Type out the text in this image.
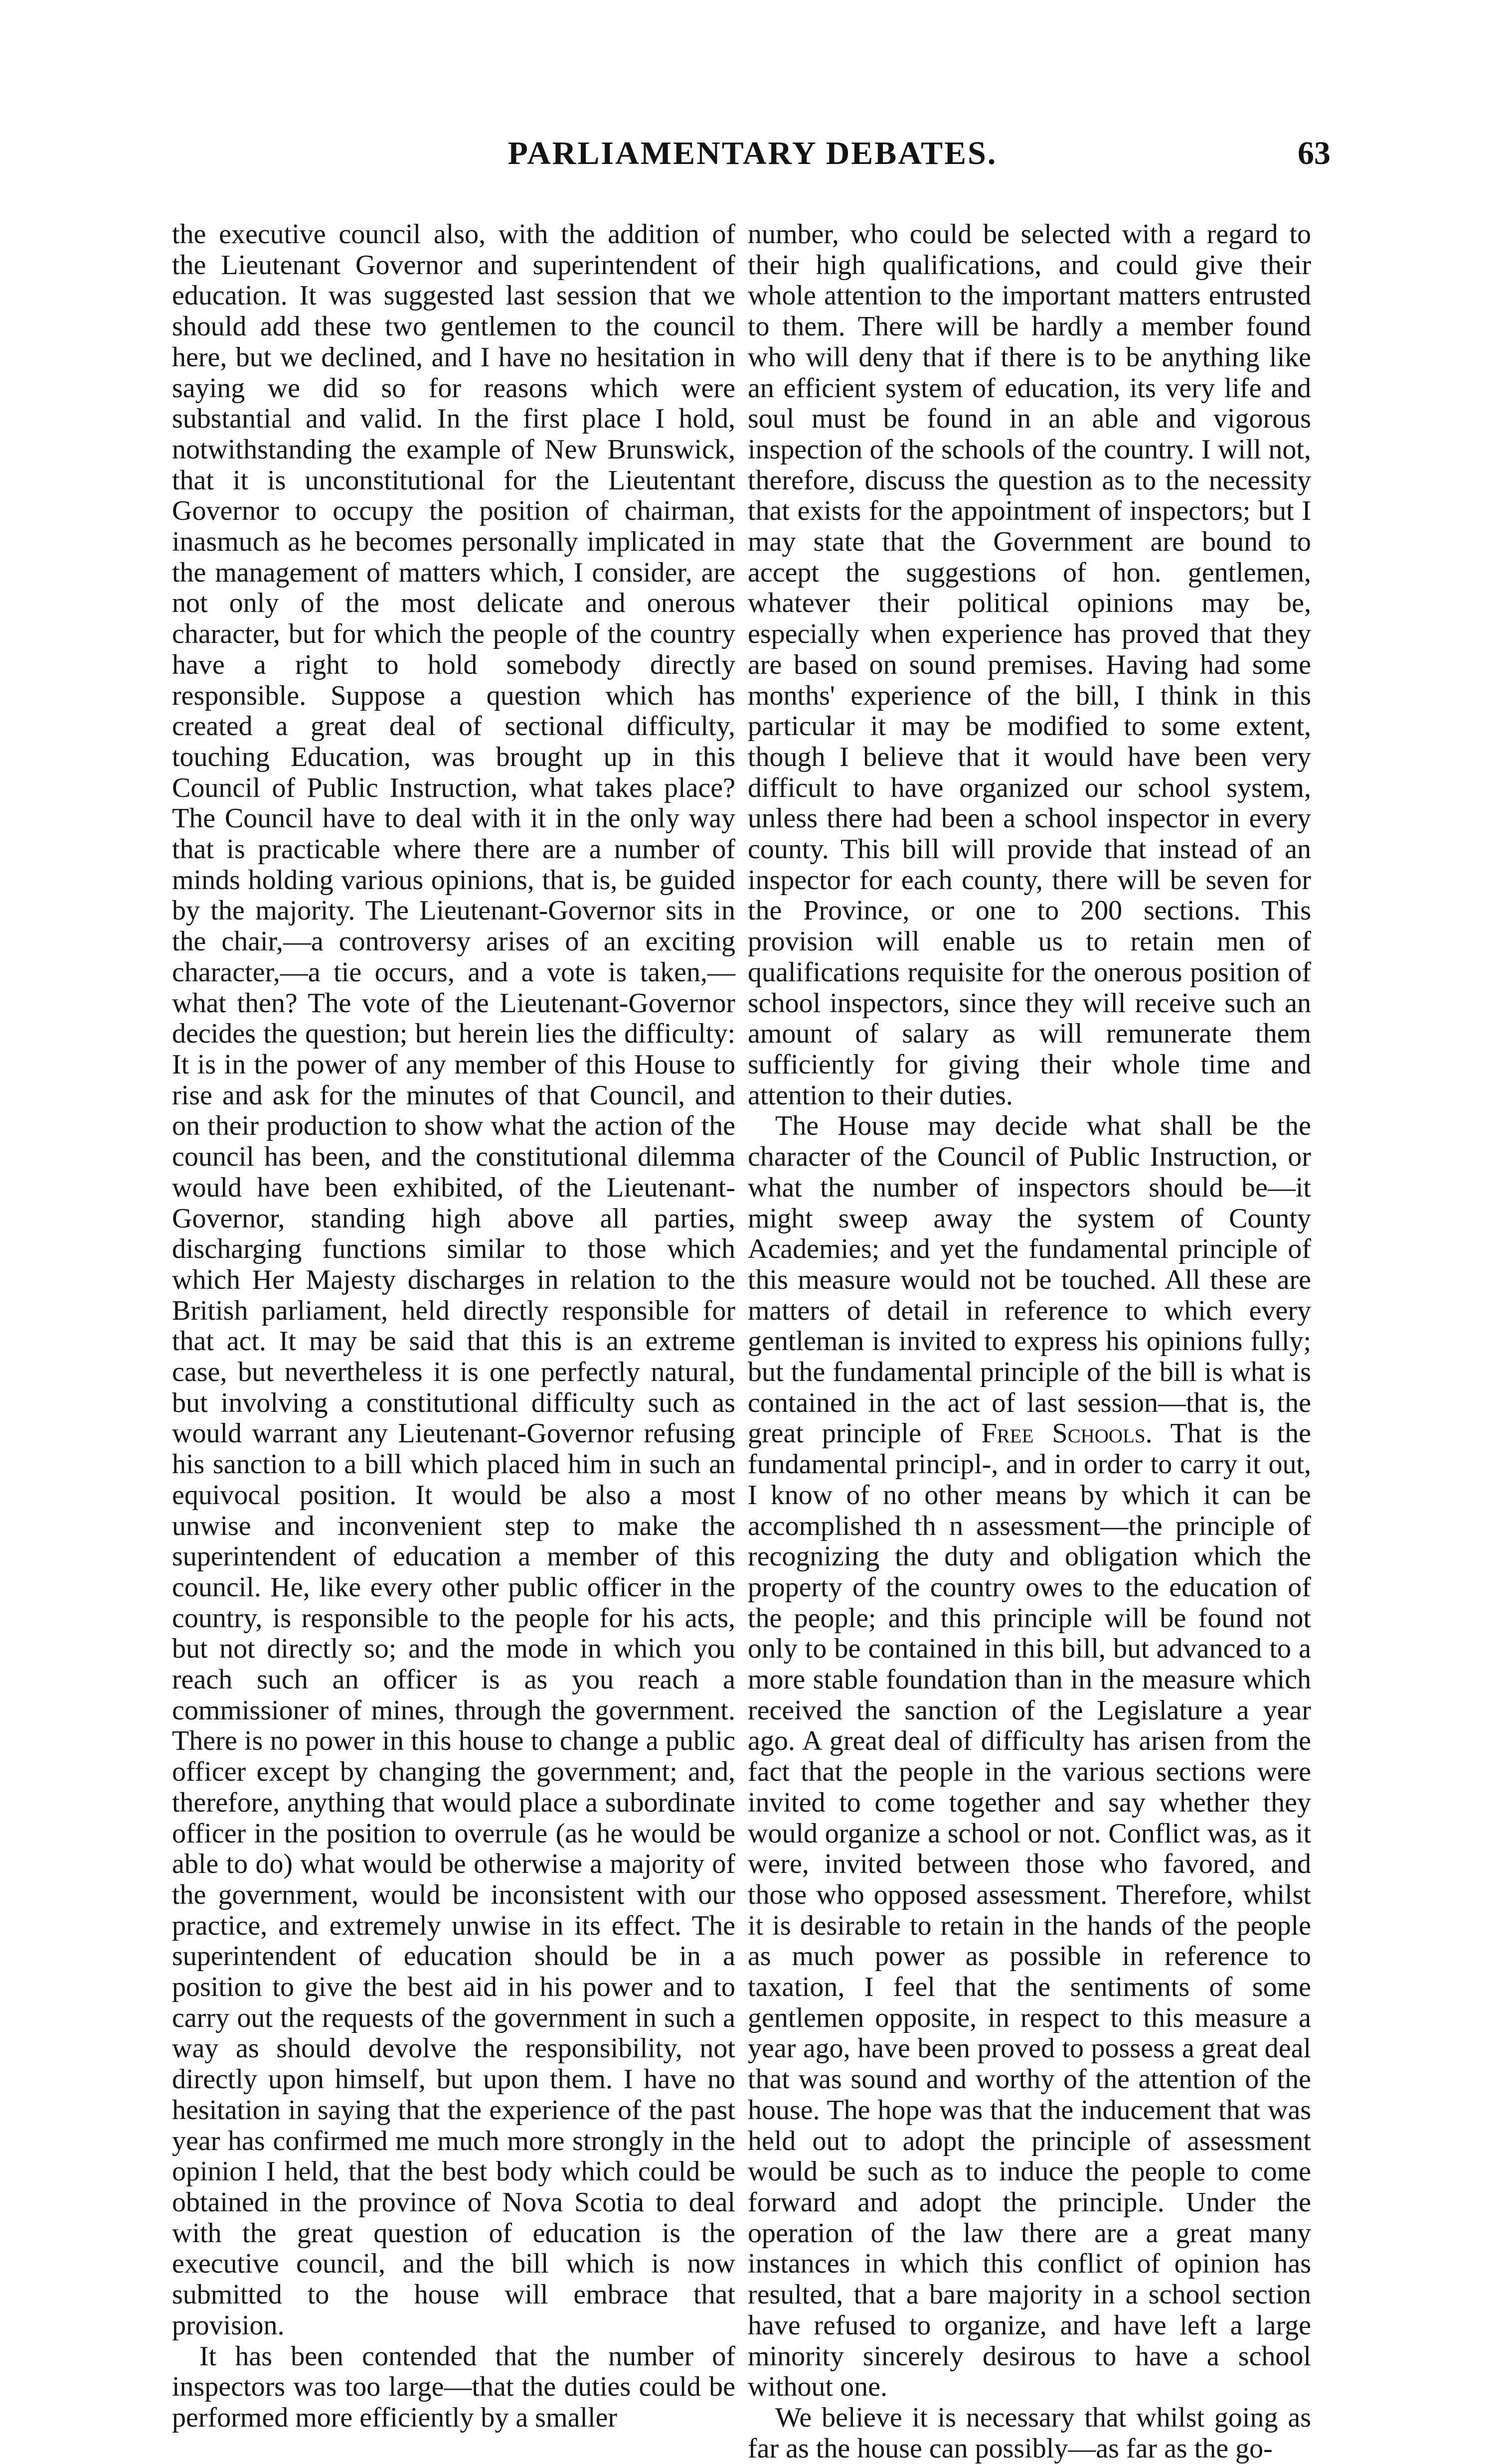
PARLIAMENTARY DEBATES.	63

the executive council also, with the addition of the Lieutenant Governor and superintendent of education. It was suggested last session that we should add these two gentlemen to the council here, but we declined, and I have no hesitation in saying we did so for reasons which were substantial and valid. In the first place I hold, notwithstanding the example of New Brunswick, that it is unconstitutional for the Lieutentant Governor to occupy the position of chairman, inasmuch as he becomes personally implicated in the management of matters which, I consider, are not only of the most delicate and onerous character, but for which the people of the country have a right to hold somebody directly responsible. Suppose a question which has created a great deal of sectional difficulty, touching Education, was brought up in this Council of Public Instruction, what takes place? The Council have to deal with it in the only way that is practicable where there are a number of minds holding various opinions, that is, be guided by the majority. The Lieutenant-Governor sits in the chair,—a controversy arises of an exciting character,—a tie occurs, and a vote is taken,—what then? The vote of the Lieutenant-Governor decides the question; but herein lies the difficulty: It is in the power of any member of this House to rise and ask for the minutes of that Council, and on their production to show what the action of the council has been, and the constitutional dilemma would have been exhibited, of the Lieutenant-Governor, standing high above all parties, discharging functions similar to those which which Her Majesty discharges in relation to the British parliament, held directly responsible for that act. It may be said that this is an extreme case, but nevertheless it is one perfectly natural, but involving a constitutional difficulty such as would warrant any Lieutenant-Governor refusing his sanction to a bill which placed him in such an equivocal position. It would be also a most unwise and inconvenient step to make the superintendent of education a member of this council. He, like every other public officer in the country, is responsible to the people for his acts, but not directly so; and the mode in which you reach such an officer is as you reach a commissioner of mines, through the government. There is no power in this house to change a public officer except by changing the government; and, therefore, anything that would place a subordinate officer in the position to overrule (as he would be able to do) what would be otherwise a majority of the government, would be inconsistent with our practice, and extremely unwise in its effect. The superintendent of education should be in a position to give the best aid in his power and to carry out the requests of the government in such a way as should devolve the responsibility, not directly upon himself, but upon them. I have no hesitation in saying that the experience of the past year has confirmed me much more strongly in the opinion I held, that the best body which could be obtained in the province of Nova Scotia to deal with the great question of education is the executive council, and the bill which is now submitted to the house will embrace that provision.

It has been contended that the number of inspectors was too large—that the duties could be performed more efficiently by a smaller

number, who could be selected with a regard to their high qualifications, and could give their whole attention to the important matters entrusted to them. There will be hardly a member found who will deny that if there is to be anything like an efficient system of education, its very life and soul must be found in an able and vigorous inspection of the schools of the country. I will not, therefore, discuss the question as to the necessity that exists for the appointment of inspectors; but I may state that the Government are bound to accept the suggestions of hon. gentlemen, whatever their political opinions may be, especially when experience has proved that they are based on sound premises. Having had some months' experience of the bill, I think in this particular it may be modified to some extent, though I believe that it would have been very difficult to have organized our school system, unless there had been a school inspector in every county. This bill will provide that instead of an inspector for each county, there will be seven for the Province, or one to 200 sections. This provision will enable us to retain men of qualifications requisite for the onerous position of school inspectors, since they will receive such an amount of salary as will remunerate them sufficiently for giving their whole time and attention to their duties.

The House may decide what shall be the character of the Council of Public Instruction, or what the number of inspectors should be—it might sweep away the system of County Academies; and yet the fundamental principle of this measure would not be touched. All these are matters of detail in reference to which every gentleman is invited to express his opinions fully; but the fundamental principle of the bill is what is contained in the act of last session—that is, the great principle of Free Schools. That is the fundamental principl-, and in order to carry it out, I know of no other means by which it can be accomplished th n assessment—the principle of recognizing the duty and obligation which the property of the country owes to the education of the people; and this principle will be found not only to be contained in this bill, but advanced to a more stable foundation than in the measure which received the sanction of the Legislature a year ago. A great deal of difficulty has arisen from the fact that the people in the various sections were invited to come together and say whether they would organize a school or not. Conflict was, as it were, invited between those who favored, and those who opposed assessment. Therefore, whilst it is desirable to retain in the hands of the people as much power as possible in reference to taxation, I feel that the sentiments of some gentlemen opposite, in respect to this measure a year ago, have been proved to possess a great deal that was sound and worthy of the attention of the house. The hope was that the inducement that was held out to adopt the principle of assessment would be such as to induce the people to come forward and adopt the principle. Under the operation of the law there are a great many instances in which this conflict of opinion has resulted, that a bare majority in a school section have refused to organize, and have left a large minority sincerely desirous to have a school without one.

We believe it is necessary that whilst going as far as the house can possibly—as far as the go-
